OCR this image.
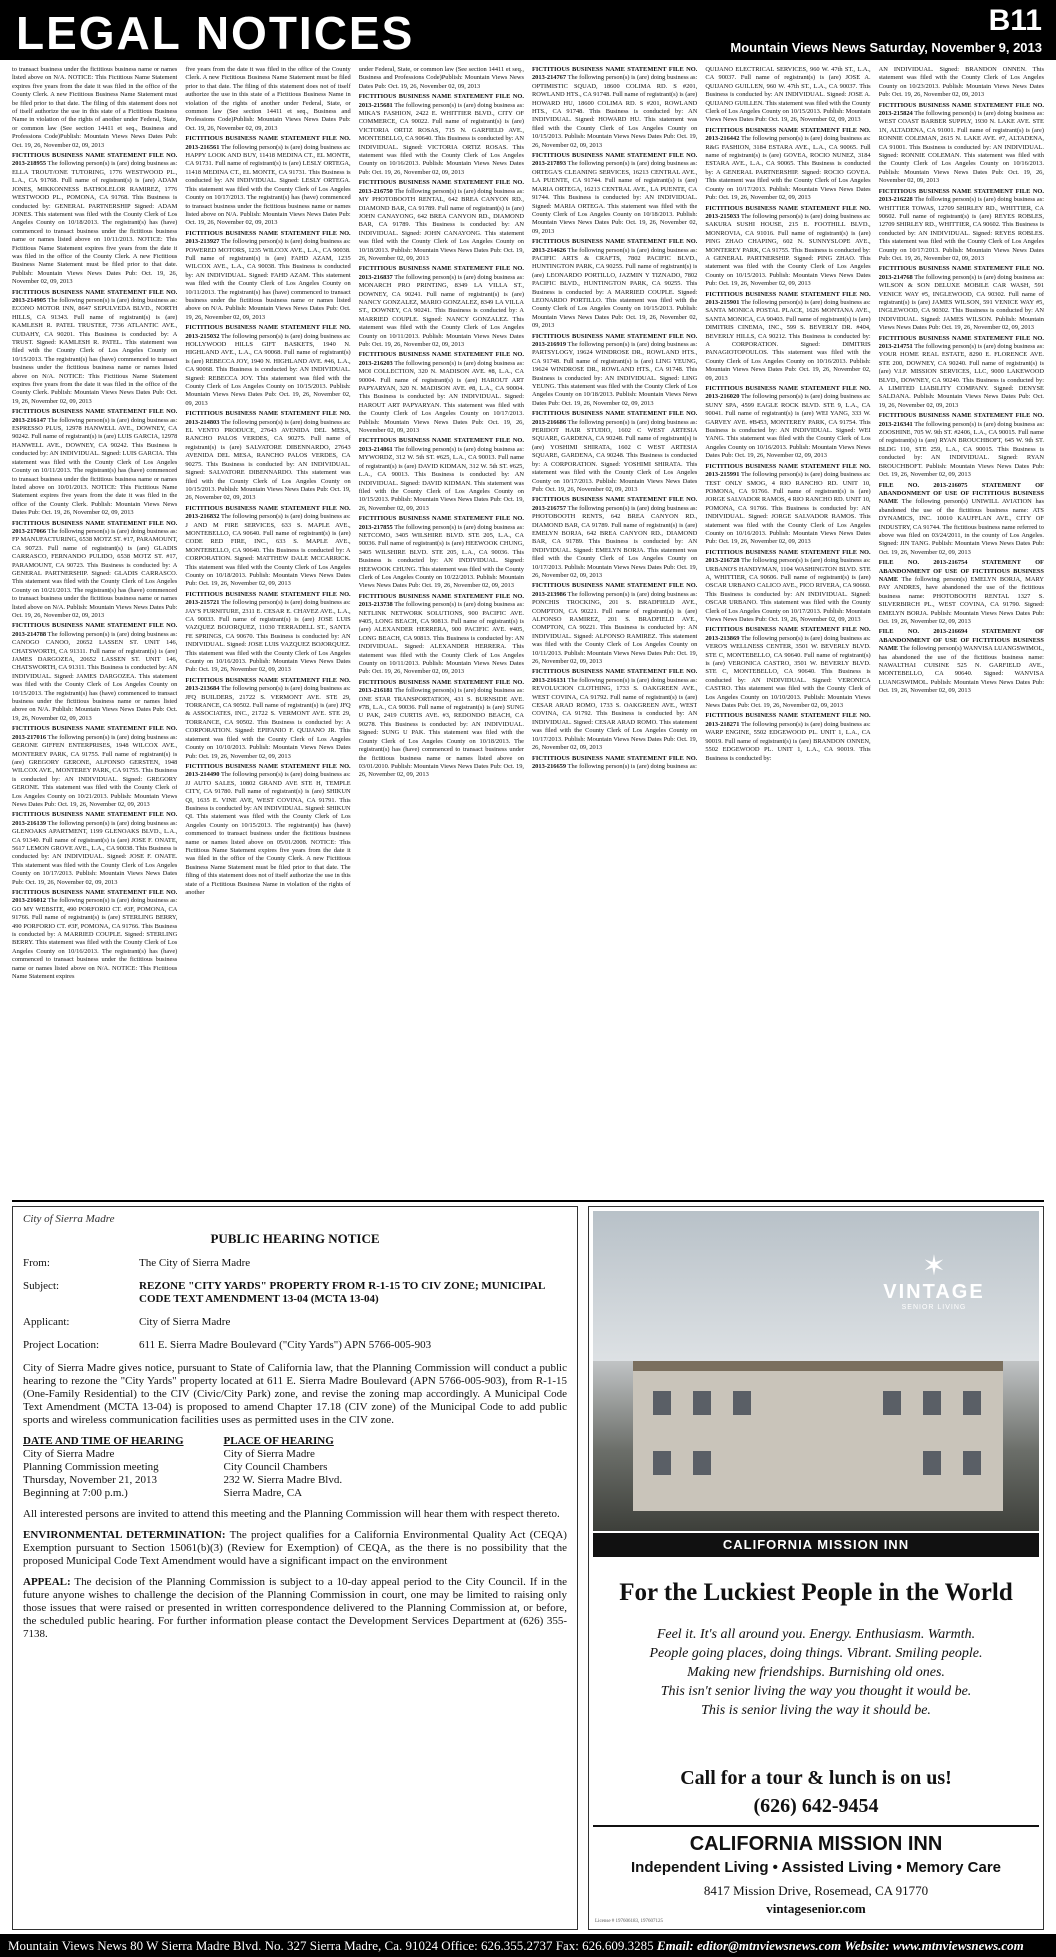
LEGAL NOTICES	B11
Mountain Views News Saturday, November 9, 2013

to transact business under the fictitious business name or names listed above on N/A. NOTICE: This Fictitious Name Statement expires five years from the date it was filed in the office of the County Clerk. A new Fictitious Business Name Statement must be filed prior to that date. The filing of this statement does not of itself authorize the use in this state of a Fictitious Business Name in violation of the rights of another under Federal, State, or common law (See section 14411 et seq., Business and Professions Code)Publish: Mountain Views News Dates Pub: Oct. 19, 26, November 02, 09, 2013

FICTITIOUS BUSINESS NAME STATEMENT FILE NO. 2013-218955 The following person(s) is (are) doing business as: ELLA TROUT/ONE TUTORING, 1776 WESTWOOD PL., L.A., CA 91768. Full name of registrant(s) is (are) ADAM JONES, MIKKONNESS BATHOLELOR RAMIREZ, 1776 WESTWOOD PL., POMONA, CA 91768. This Business is conducted by: GENERAL PARTNERSHIP Signed: ADAM JONES. This statement was filed with the County Clerk of Los Angeles County on 10/18/2013. The registrant(s) has (have) commenced to transact business under the fictitious business name or names listed above on 10/11/2013. NOTICE: This Fictitious Name Statement expires five years from the date it was filed in the office of the County Clerk. A new Fictitious Business Name Statement must be filed prior to that date. Publish: Mountain Views News Dates Pub: Oct. 19, 26, November 02, 09, 2013

FICTITIOUS BUSINESS NAME STATEMENT FILE NO. 2013-214905 The following person(s) is (are) doing business as: ECONO MOTOR INN, 8647 SEPULVEDA BLVD., NORTH HILLS, CA 91343. Full name of registrant(s) is (are) KAMLESH R. PATEL TRUSTEE, 7736 ATLANTIC AVE., CUDAHY, CA 90201. This Business is conducted by: A TRUST. Signed: KAMLESH R. PATEL. This statement was filed with the County Clerk of Los Angeles County on 10/15/2013. The registrant(s) has (have) commenced to transact business under the fictitious business name or names listed above on N/A. NOTICE: This Fictitious Name Statement expires five years from the date it was filed in the office of the County Clerk. Publish: Mountain Views News Dates Pub: Oct. 19, 26, November 02, 09, 2013

FICTITIOUS BUSINESS NAME STATEMENT FILE NO. 2013-216147 The following person(s) is (are) doing business as: ESPRESSO PLUS, 12978 HANWELL AVE., DOWNEY, CA 90242. Full name of registrant(s) is (are) LUIS GARCIA, 12978 HANWELL AVE., DOWNEY, CA 90242. This Business is conducted by: AN INDIVIDUAL. Signed: LUIS GARCIA. This statement was filed with the County Clerk of Los Angeles County on 10/11/2013. The registrant(s) has (have) commenced to transact business under the fictitious business name or names listed above on 10/01/2013. NOTICE: This Fictitious Name Statement expires five years from the date it was filed in the office of the County Clerk. Publish: Mountain Views News Dates Pub: Oct. 19, 26, November 02, 09, 2013

FICTITIOUS BUSINESS NAME STATEMENT FILE NO. 2013-217066 The following person(s) is (are) doing business as: FP MANUFACTURING, 6538 MOTZ ST. #17, PARAMOUNT, CA 90723. Full name of registrant(s) is (are) GLADIS CARRASCO, FERNANDO PULIDO, 6538 MOTZ ST. #17, PARAMOUNT, CA 90723. This Business is conducted by: A GENERAL PARTNERSHIP. Signed: GLADIS CARRASCO. This statement was filed with the County Clerk of Los Angeles County on 10/21/2013. The registrant(s) has (have) commenced to transact business under the fictitious business name or names listed above on N/A. Publish: Mountain Views News Dates Pub: Oct. 19, 26, November 02, 09, 2013

FICTITIOUS BUSINESS NAME STATEMENT FILE NO. 2013-214788 The following person(s) is (are) doing business as: CANOGO CANOO, 20652 LASSEN ST. UNIT 146, CHATSWORTH, CA 91311. Full name of registrant(s) is (are) JAMES DARGOZEA, 20652 LASSEN ST. UNIT 146, CHATSWORTH, CA 91311. This Business is conducted by: AN INDIVIDUAL. Signed: JAMES DARGOZEA. This statement was filed with the County Clerk of Los Angeles County on 10/15/2013. The registrant(s) has (have) commenced to transact business under the fictitious business name or names listed above on N/A. Publish: Mountain Views News Dates Pub: Oct. 19, 26, November 02, 09, 2013

FICTITIOUS BUSINESS NAME STATEMENT FILE NO. 2013-217016 The following person(s) is (are) doing business as: GERONE GIFFEN ENTERPRISES, 1948 WILCOX AVE., MONTEREY PARK, CA 91755. Full name of registrant(s) is (are) GREGORY GERONE, ALFONSO GERSTEN, 1948 WILCOX AVE., MONTEREY PARK, CA 91755. This Business is conducted by: AN INDIVIDUAL. Signed: GREGORY GERONE. This statement was filed with the County Clerk of Los Angeles County on 10/21/2013. Publish: Mountain Views News Dates Pub: Oct. 19, 26, November 02, 09, 2013

FICTITIOUS BUSINESS NAME STATEMENT FILE NO. 2013-216139 The following person(s) is (are) doing business as: GLENOAKS APARTMENT, 1199 GLENOAKS BLVD., L.A., CA 91340. Full name of registrant(s) is (are) JOSE F. ONATE, 5617 LEMON GROVE AVE., L.A., CA 90038. This Business is conducted by: AN INDIVIDUAL. Signed: JOSE F. ONATE. This statement was filed with the County Clerk of Los Angeles County on 10/17/2013. Publish: Mountain Views News Dates Pub: Oct. 19, 26, November 02, 09, 2013

FICTITIOUS BUSINESS NAME STATEMENT FILE NO. 2013-216012 The following person(s) is (are) doing business as: GO MY WEBSITE, 490 PORFORIO CT. #3F, POMONA, CA 91766. Full name of registrant(s) is (are) STERLING BERRY, 490 PORFORIO CT. #3F, POMONA, CA 91766. This Business is conducted by: A MARRIED COUPLE. Signed: STERLING BERRY. This statement was filed with the County Clerk of Los Angeles County on 10/16/2013. The registrant(s) has (have) commenced to transact business under the fictitious business name or names listed above on N/A. NOTICE: This Fictitious Name Statement expires

five years from the date it was filed in the office of the County Clerk. A new Fictitious Business Name Statement must be filed prior to that date. The filing of this statement does not of itself authorize the use in this state of a Fictitious Business Name in violation of the rights of another under Federal, State, or common law (See section 14411 et seq., Business and Professions Code)Publish: Mountain Views News Dates Pub: Oct. 19, 26, November 02, 09, 2013

FICTITIOUS BUSINESS NAME STATEMENT FILE NO. 2013-216561 The following person(s) is (are) doing business as: HAPPY LOOK AND BUY, 11418 MEDINA CT., EL MONTE, CA 91731. Full name of registrant(s) is (are) LESLY ORTEGA, 11418 MEDINA CT., EL MONTE, CA 91731. This Business is conducted by: AN INDIVIDUAL. Signed: LESLY ORTEGA. This statement was filed with the County Clerk of Los Angeles County on 10/17/2013. The registrant(s) has (have) commenced to transact business under the fictitious business name or names listed above on N/A. Publish: Mountain Views News Dates Pub: Oct. 19, 26, November 02, 09, 2013

FICTITIOUS BUSINESS NAME STATEMENT FILE NO. 2013-213927 The following person(s) is (are) doing business as: POWERED MOTORS, 1235 WILCOX AVE., L.A., CA 90038. Full name of registrant(s) is (are) FAHD AZAM, 1235 WILCOX AVE., L.A., CA 90038. This Business is conducted by: AN INDIVIDUAL. Signed: FAHD AZAM. This statement was filed with the County Clerk of Los Angeles County on 10/11/2013. The registrant(s) has (have) commenced to transact business under the fictitious business name or names listed above on N/A. Publish: Mountain Views News Dates Pub: Oct. 19, 26, November 02, 09, 2013

FICTITIOUS BUSINESS NAME STATEMENT FILE NO. 2013-215032 The following person(s) is (are) doing business as: HOLLYWOOD HILLS GIFT BASKETS, 1940 N. HIGHLAND AVE., L.A., CA 90068. Full name of registrant(s) is (are) REBECCA JOY, 1940 N. HIGHLAND AVE. #46, L.A., CA 90068. This Business is conducted by: AN INDIVIDUAL. Signed: REBECCA JOY. This statement was filed with the County Clerk of Los Angeles County on 10/15/2013. Publish: Mountain Views News Dates Pub: Oct. 19, 26, November 02, 09, 2013

FICTITIOUS BUSINESS NAME STATEMENT FILE NO. 2013-214803 The following person(s) is (are) doing business as: EL VENTO PRODUCE, 27643 AVENIDA DEL MESA, RANCHO PALOS VERDES, CA 90275. Full name of registrant(s) is (are) SALVATORE DIBENNARDO, 27643 AVENIDA DEL MESA, RANCHO PALOS VERDES, CA 90275. This Business is conducted by: AN INDIVIDUAL. Signed: SALVATORE DIBENNARDO. This statement was filed with the County Clerk of Los Angeles County on 10/15/2013. Publish: Mountain Views News Dates Pub: Oct. 19, 26, November 02, 09, 2013

FICTITIOUS BUSINESS NAME STATEMENT FILE NO. 2013-216832 The following person(s) is (are) doing business as: J AND M FIRE SERVICES, 633 S. MAPLE AVE., MONTEBELLO, CA 90640. Full name of registrant(s) is (are) CODE RED FIRE, INC., 633 S. MAPLE AVE., MONTEBELLO, CA 90640. This Business is conducted by: A CORPORATION. Signed: MATTHEW DALE MCCARRICK. This statement was filed with the County Clerk of Los Angeles County on 10/18/2013. Publish: Mountain Views News Dates Pub: Oct. 19, 26, November 02, 09, 2013

FICTITIOUS BUSINESS NAME STATEMENT FILE NO. 2013-215721 The following person(s) is (are) doing business as: JAY'S FURNITURE, 2311 E. CESAR E. CHAVEZ AVE., L.A., CA 90033. Full name of registrant(s) is (are) JOSE LUIS VAZQUEZ BOJORQUEZ, 11030 TERRADELL ST., SANTA FE SPRINGS, CA 90670. This Business is conducted by: AN INDIVIDUAL. Signed: JOSE LUIS VAZQUEZ BOJORQUEZ. This statement was filed with the County Clerk of Los Angeles County on 10/16/2013. Publish: Mountain Views News Dates Pub: Oct. 19, 26, November 02, 09, 2013

FICTITIOUS BUSINESS NAME STATEMENT FILE NO. 2013-213684 The following person(s) is (are) doing business as: JFQ BUILDERS, 21722 S. VERMONT AVE. STE 29, TORRANCE, CA 90502. Full name of registrant(s) is (are) JFQ & ASSOCIATES, INC., 21722 S. VERMONT AVE. STE 29, TORRANCE, CA 90502. This Business is conducted by: A CORPORATION. Signed: EPIFANIO F. QUIJANO JR. This statement was filed with the County Clerk of Los Angeles County on 10/10/2013. Publish: Mountain Views News Dates Pub: Oct. 19, 26, November 02, 09, 2013

FICTITIOUS BUSINESS NAME STATEMENT FILE NO. 2013-214490 The following person(s) is (are) doing business as: JJ AUTO SALES, 10802 GRAND AVE STE H, TEMPLE CITY, CA 91780. Full name of registrant(s) is (are) SHIKUN QI, 1635 E. VINE AVE, WEST COVINA, CA 91791. This Business is conducted by: AN INDIVIDUAL. Signed: SHIKUN QI. This statement was filed with the County Clerk of Los Angeles County on 10/15/2013. The registrant(s) has (have) commenced to transact business under the fictitious business name or names listed above on 05/01/2008. NOTICE: This Fictitious Name Statement expires five years from the date it was filed in the office of the County Clerk. A new Fictitious Business Name Statement must be filed prior to that date. The filing of this statement does not of itself authorize the use in this state of a Fictitious Business Name in violation of the rights of another

under Federal, State, or common law (See section 14411 et seq., Business and Professions Code)Publish: Mountain Views News Dates Pub: Oct. 19, 26, November 02, 09, 2013

FICTITIOUS BUSINESS NAME STATEMENT FILE NO. 2013-215681 The following person(s) is (are) doing business as: MIKA'S FASHION, 2422 E. WHITTIER BLVD., CITY OF COMMERCE, CA 90022. Full name of registrant(s) is (are) VICTORIA ORTIZ ROSAS, 715 N. GARFIELD AVE., MONTEBELLO, CA 90640. This Business is conducted by: AN INDIVIDUAL. Signed: VICTORIA ORTIZ ROSAS. This statement was filed with the County Clerk of Los Angeles County on 10/16/2013. Publish: Mountain Views News Dates Pub: Oct. 19, 26, November 02, 09, 2013

FICTITIOUS BUSINESS NAME STATEMENT FILE NO. 2013-216750 The following person(s) is (are) doing business as: MY PHOTOBOOTH RENTAL, 642 BREA CANYON RD., DIAMOND BAR, CA 91789. Full name of registrant(s) is (are) JOHN CANAYONG, 642 BREA CANYON RD., DIAMOND BAR, CA 91789. This Business is conducted by: AN INDIVIDUAL. Signed: JOHN CANAYONG. This statement was filed with the County Clerk of Los Angeles County on 10/18/2013. Publish: Mountain Views News Dates Pub: Oct. 19, 26, November 02, 09, 2013

FICTITIOUS BUSINESS NAME STATEMENT FILE NO. 2013-216837 The following person(s) is (are) doing business as: MONARCH PRO PRINTING, 8349 LA VILLA ST., DOWNEY, CA 90241. Full name of registrant(s) is (are) NANCY GONZALEZ, MARIO GONZALEZ, 8349 LA VILLA ST., DOWNEY, CA 90241. This Business is conducted by: A MARRIED COUPLE. Signed: NANCY GONZALEZ. This statement was filed with the County Clerk of Los Angeles County on 10/11/2013. Publish: Mountain Views News Dates Pub: Oct. 19, 26, November 02, 09, 2013

FICTITIOUS BUSINESS NAME STATEMENT FILE NO. 2013-216203 The following person(s) is (are) doing business as: MOI COLLECTION, 320 N. MADISON AVE. #8, L.A., CA 90004. Full name of registrant(s) is (are) HAROUT ART PAPYARYAN, 320 N. MADISON AVE. #8, L.A., CA 90004. This Business is conducted by: AN INDIVIDUAL. Signed: HAROUT ART PAPYARYAN. This statement was filed with the County Clerk of Los Angeles County on 10/17/2013. Publish: Mountain Views News Dates Pub: Oct. 19, 26, November 02, 09, 2013

FICTITIOUS BUSINESS NAME STATEMENT FILE NO. 2013-214861 The following person(s) is (are) doing business as: MYWORDZ, 312 W. 5th ST. #625, L.A., CA 90013. Full name of registrant(s) is (are) DAVID KIDMAN, 312 W. 5th ST. #625, L.A., CA 90013. This Business is conducted by: AN INDIVIDUAL. Signed: DAVID KIDMAN. This statement was filed with the County Clerk of Los Angeles County on 10/15/2013. Publish: Mountain Views News Dates Pub: Oct. 19, 26, November 02, 09, 2013

FICTITIOUS BUSINESS NAME STATEMENT FILE NO. 2013-217855 The following person(s) is (are) doing business as: NETCOMO, 3405 WILSHIRE BLVD. STE 205, L.A., CA 90036. Full name of registrant(s) is (are) HEEWOOK CHUNG, 3405 WILSHIRE BLVD. STE 205, L.A., CA 90036. This Business is conducted by: AN INDIVIDUAL. Signed: HEEWOOK CHUNG. This statement was filed with the County Clerk of Los Angeles County on 10/22/2013. Publish: Mountain Views News Dates Pub: Oct. 19, 26, November 02, 09, 2013

FICTITIOUS BUSINESS NAME STATEMENT FILE NO. 2013-213738 The following person(s) is (are) doing business as: NETLINK NETWORK SOLUTIONS, 900 PACIFIC AVE. #405, LONG BEACH, CA 90813. Full name of registrant(s) is (are) ALEXANDER HERRERA, 900 PACIFIC AVE. #405, LONG BEACH, CA 90813. This Business is conducted by: AN INDIVIDUAL. Signed: ALEXANDER HERRERA. This statement was filed with the County Clerk of Los Angeles County on 10/11/2013. Publish: Mountain Views News Dates Pub: Oct. 19, 26, November 02, 09, 2013

FICTITIOUS BUSINESS NAME STATEMENT FILE NO. 2013-216181 The following person(s) is (are) doing business as: ONE STAR TRANSPORTATION, 431 S. BURNSIDE AVE. #7B, L.A., CA 90036. Full name of registrant(s) is (are) SUNG U PAK, 2419 CURTIS AVE. #3, REDONDO BEACH, CA 90278. This Business is conducted by: AN INDIVIDUAL. Signed: SUNG U PAK. This statement was filed with the County Clerk of Los Angeles County on 10/18/2013. The registrant(s) has (have) commenced to transact business under the fictitious business name or names listed above on 03/01/2010. Publish: Mountain Views News Dates Pub: Oct. 19, 26, November 02, 09, 2013

FICTITIOUS BUSINESS NAME STATEMENT FILE NO. 2013-214767 The following person(s) is (are) doing business as: OPTIMISTIC SQUAD, 18600 COLIMA RD. S #201, ROWLAND HTS., CA 91748. Full name of registrant(s) is (are) HOWARD HU, 18600 COLIMA RD. S #201, ROWLAND HTS., CA 91748. This Business is conducted by: AN INDIVIDUAL. Signed: HOWARD HU. This statement was filed with the County Clerk of Los Angeles County on 10/15/2013. Publish: Mountain Views News Dates Pub: Oct. 19, 26, November 02, 09, 2013

FICTITIOUS BUSINESS NAME STATEMENT FILE NO. 2013-217893 The following person(s) is (are) doing business as: ORTEGA'S CLEANING SERVICES, 16213 CENTRAL AVE., LA PUENTE, CA 91744. Full name of registrant(s) is (are) MARIA ORTEGA, 16213 CENTRAL AVE., LA PUENTE, CA 91744. This Business is conducted by: AN INDIVIDUAL. Signed: MARIA ORTEGA. This statement was filed with the County Clerk of Los Angeles County on 10/18/2013. Publish: Mountain Views News Dates Pub: Oct. 19, 26, November 02, 09, 2013

FICTITIOUS BUSINESS NAME STATEMENT FILE NO. 2013-214626 The following person(s) is (are) doing business as: PACIFIC ARTS & CRAFTS, 7802 PACIFIC BLVD., HUNTINGTON PARK, CA 90255. Full name of registrant(s) is (are) LEONARDO PORTILLO, JAZMIN Y TIZNADO, 7802 PACIFIC BLVD., HUNTINGTON PARK, CA 90255. This Business is conducted by: A MARRIED COUPLE. Signed: LEONARDO PORTILLO. This statement was filed with the County Clerk of Los Angeles County on 10/15/2013. Publish: Mountain Views News Dates Pub: Oct. 19, 26, November 02, 09, 2013

FICTITIOUS BUSINESS NAME STATEMENT FILE NO. 2013-216919 The following person(s) is (are) doing business as: PARTSYLOGY, 19624 WINDROSE DR., ROWLAND HTS., CA 91748. Full name of registrant(s) is (are) LING YEUNG, 19624 WINDROSE DR., ROWLAND HTS., CA 91748. This Business is conducted by: AN INDIVIDUAL. Signed: LING YEUNG. This statement was filed with the County Clerk of Los Angeles County on 10/18/2013. Publish: Mountain Views News Dates Pub: Oct. 19, 26, November 02, 09, 2013

FICTITIOUS BUSINESS NAME STATEMENT FILE NO. 2013-216686 The following person(s) is (are) doing business as: PERIDOT HAIR STUDIO, 1602 C WEST ARTESIA SQUARE, GARDENA, CA 90248. Full name of registrant(s) is (are) YOSHIMI SHIRATA, 1602 C WEST ARTESIA SQUARE, GARDENA, CA 90248. This Business is conducted by: A CORPORATION. Signed: YOSHIMI SHIRATA. This statement was filed with the County Clerk of Los Angeles County on 10/17/2013. Publish: Mountain Views News Dates Pub: Oct. 19, 26, November 02, 09, 2013

FICTITIOUS BUSINESS NAME STATEMENT FILE NO. 2013-216757 The following person(s) is (are) doing business as: PHOTOBOOTH RENTS, 642 BREA CANYON RD., DIAMOND BAR, CA 91789. Full name of registrant(s) is (are) EMELYN BORJA, 642 BREA CANYON RD., DIAMOND BAR, CA 91789. This Business is conducted by: AN INDIVIDUAL. Signed: EMELYN BORJA. This statement was filed with the County Clerk of Los Angeles County on 10/17/2013. Publish: Mountain Views News Dates Pub: Oct. 19, 26, November 02, 09, 2013

FICTITIOUS BUSINESS NAME STATEMENT FILE NO. 2013-213986 The following person(s) is (are) doing business as: PONCHIS TROCKING, 201 S. BRADFIELD AVE., COMPTON, CA 90221. Full name of registrant(s) is (are) ALFONSO RAMIREZ, 201 S. BRADFIELD AVE., COMPTON, CA 90221. This Business is conducted by: AN INDIVIDUAL. Signed: ALFONSO RAMIREZ. This statement was filed with the County Clerk of Los Angeles County on 10/11/2013. Publish: Mountain Views News Dates Pub: Oct. 19, 26, November 02, 09, 2013

FICTITIOUS BUSINESS NAME STATEMENT FILE NO. 2013-216131 The following person(s) is (are) doing business as: REVOLUCION CLOTHING, 1733 S. OAKGREEN AVE., WEST COVINA, CA 91792. Full name of registrant(s) is (are) CESAR ARAD ROMO, 1733 S. OAKGREEN AVE., WEST COVINA, CA 91792. This Business is conducted by: AN INDIVIDUAL. Signed: CESAR ARAD ROMO. This statement was filed with the County Clerk of Los Angeles County on 10/17/2013. Publish: Mountain Views News Dates Pub: Oct. 19, 26, November 02, 09, 2013

FICTITIOUS BUSINESS NAME STATEMENT FILE NO. 2013-216659 The following person(s) is (are) doing business as:

QUIJANO ELECTRICAL SERVICES, 960 W. 47th ST., L.A., CA 90037. Full name of registrant(s) is (are) JOSE A. QUIJANO GUILLEN, 960 W. 47th ST., L.A., CA 90037. This Business is conducted by: AN INDIVIDUAL. Signed: JOSE A. QUIJANO GUILLEN. This statement was filed with the County Clerk of Los Angeles County on 10/15/2013. Publish: Mountain Views News Dates Pub: Oct. 19, 26, November 02, 09, 2013

FICTITIOUS BUSINESS NAME STATEMENT FILE NO. 2013-216442 The following person(s) is (are) doing business as: R&G FASHION, 3184 ESTARA AVE., L.A., CA 90065. Full name of registrant(s) is (are) GOVEA, ROCIO NUNEZ, 3184 ESTARA AVE., L.A., CA 90065. This Business is conducted by: A GENERAL PARTNERSHIP. Signed: ROCIO GOVEA. This statement was filed with the County Clerk of Los Angeles County on 10/17/2013. Publish: Mountain Views News Dates Pub: Oct. 19, 26, November 02, 09, 2013

FICTITIOUS BUSINESS NAME STATEMENT FILE NO. 2013-215033 The following person(s) is (are) doing business as: SAKURA SUSHI HOUSE, 215 E. FOOTHILL BLVD., MONROVIA, CA 91016. Full name of registrant(s) is (are) PING ZHAO CHAPING, 602 N. SUNNYSLOPE AVE., MONTEREY PARK, CA 91755. This Business is conducted by: A GENERAL PARTNERSHIP. Signed: PING ZHAO. This statement was filed with the County Clerk of Los Angeles County on 10/15/2013. Publish: Mountain Views News Dates Pub: Oct. 19, 26, November 02, 09, 2013

FICTITIOUS BUSINESS NAME STATEMENT FILE NO. 2013-215901 The following person(s) is (are) doing business as: SANTA MONICA POSTAL PLACE, 1626 MONTANA AVE., SANTA MONICA, CA 90403. Full name of registrant(s) is (are) DIMITRIS CINEMA, INC., 599 S. BEVERLY DR. #404, BEVERLY HILLS, CA 90212. This Business is conducted by: A CORPORATION. Signed: DIMITRIS PANAGIOTOPOULOS. This statement was filed with the County Clerk of Los Angeles County on 10/16/2013. Publish: Mountain Views News Dates Pub: Oct. 19, 26, November 02, 09, 2013

FICTITIOUS BUSINESS NAME STATEMENT FILE NO. 2013-216020 The following person(s) is (are) doing business as: SUNY SPA, 4599 EAGLE ROCK BLVD. STE 9, L.A., CA 90041. Full name of registrant(s) is (are) WEI YANG, 333 W. GARVEY AVE. #B453, MONTEREY PARK, CA 91754. This Business is conducted by: AN INDIVIDUAL. Signed: WEI YANG. This statement was filed with the County Clerk of Los Angeles County on 10/16/2013. Publish: Mountain Views News Dates Pub: Oct. 19, 26, November 02, 09, 2013

FICTITIOUS BUSINESS NAME STATEMENT FILE NO. 2013-215991 The following person(s) is (are) doing business as: TEST ONLY SMOG, 4 RIO RANCHO RD. UNIT 10, POMONA, CA 91766. Full name of registrant(s) is (are) JORGE SALVADOR RAMOS, 4 RIO RANCHO RD. UNIT 10, POMONA, CA 91766. This Business is conducted by: AN INDIVIDUAL. Signed: JORGE SALVADOR RAMOS. This statement was filed with the County Clerk of Los Angeles County on 10/16/2013. Publish: Mountain Views News Dates Pub: Oct. 19, 26, November 02, 09, 2013

FICTITIOUS BUSINESS NAME STATEMENT FILE NO. 2013-216728 The following person(s) is (are) doing business as: URBANO'S HANDYMAN, 1104 WASHINGTON BLVD. STE A, WHITTIER, CA 90606. Full name of registrant(s) is (are) OSCAR URBANO CALICO AVE., PICO RIVERA, CA 90660. This Business is conducted by: AN INDIVIDUAL. Signed: OSCAR URBANO. This statement was filed with the County Clerk of Los Angeles County on 10/17/2013. Publish: Mountain Views News Dates Pub: Oct. 19, 26, November 02, 09, 2013

FICTITIOUS BUSINESS NAME STATEMENT FILE NO. 2013-213869 The following person(s) is (are) doing business as: VERO'S WELLNESS CENTER, 3501 W. BEVERLY BLVD. STE C, MONTEBELLO, CA 90640. Full name of registrant(s) is (are) VERONICA CASTRO, 3501 W. BEVERLY BLVD. STE C, MONTEBELLO, CA 90640. This Business is conducted by: AN INDIVIDUAL. Signed: VERONICA CASTRO. This statement was filed with the County Clerk of Los Angeles County on 10/10/2013. Publish: Mountain Views News Dates Pub: Oct. 19, 26, November 02, 09, 2013

FICTITIOUS BUSINESS NAME STATEMENT FILE NO. 2013-218271 The following person(s) is (are) doing business as: WARP ENGINE, 5502 EDGEWOOD PL. UNIT 1, L.A., CA 90019. Full name of registrant(s) is (are) BRANDON ONNEN, 5502 EDGEWOOD PL. UNIT 1, L.A., CA 90019. This Business is conducted by:

AN INDIVIDUAL. Signed: BRANDON ONNEN. This statement was filed with the County Clerk of Los Angeles County on 10/23/2013. Publish: Mountain Views News Dates Pub: Oct. 19, 26, November 02, 09, 2013

FICTITIOUS BUSINESS NAME STATEMENT FILE NO. 2013-215824 The following person(s) is (are) doing business as: WEST COAST BARBER SUPPLY, 1930 N. LAKE AVE. STE 1N, ALTADENA, CA 91001. Full name of registrant(s) is (are) RONNIE COLEMAN, 2615 N. LAKE AVE. #7, ALTADENA, CA 91001. This Business is conducted by: AN INDIVIDUAL. Signed: RONNIE COLEMAN. This statement was filed with the County Clerk of Los Angeles County on 10/16/2013. Publish: Mountain Views News Dates Pub: Oct. 19, 26, November 02, 09, 2013

FICTITIOUS BUSINESS NAME STATEMENT FILE NO. 2013-216228 The following person(s) is (are) doing business as: WHITTIER TOWAS, 12709 SHIRLEY RD., WHITTIER, CA 90602. Full name of registrant(s) is (are) REYES ROBLES, 12709 SHIRLEY RD., WHITTIER, CA 90602. This Business is conducted by: AN INDIVIDUAL. Signed: REYES ROBLES. This statement was filed with the County Clerk of Los Angeles County on 10/17/2013. Publish: Mountain Views News Dates Pub: Oct. 19, 26, November 02, 09, 2013

FICTITIOUS BUSINESS NAME STATEMENT FILE NO. 2013-214768 The following person(s) is (are) doing business as: WILSON & SON DELUXE MOBILE CAR WASH, 591 VENICE WAY #5, INGLEWOOD, CA 90302. Full name of registrant(s) is (are) JAMES WILSON, 591 VENICE WAY #5, INGLEWOOD, CA 90302. This Business is conducted by: AN INDIVIDUAL. Signed: JAMES WILSON. Publish: Mountain Views News Dates Pub: Oct. 19, 26, November 02, 09, 2013

FICTITIOUS BUSINESS NAME STATEMENT FILE NO. 2013-214751 The following person(s) is (are) doing business as: YOUR HOME REAL ESTATE, 8290 E. FLORENCE AVE. STE 200, DOWNEY, CA 90240. Full name of registrant(s) is (are) V.I.P. MISSION SERVICES, LLC, 9000 LAKEWOOD BLVD., DOWNEY, CA 90240. This Business is conducted by: A LIMITED LIABILITY COMPANY. Signed: DENYSE SALDANA. Publish: Mountain Views News Dates Pub: Oct. 19, 26, November 02, 09, 2013

FICTITIOUS BUSINESS NAME STATEMENT FILE NO. 2013-216341 The following person(s) is (are) doing business as: ZOOSHINE, 705 W. 9th ST. #2406, L.A., CA 90015. Full name of registrant(s) is (are) RYAN BROUCHBOFT, 645 W. 9th ST. BLDG 110, STE 259, L.A., CA 90015. This Business is conducted by: AN INDIVIDUAL. Signed: RYAN BROUCHBOFT. Publish: Mountain Views News Dates Pub: Oct. 19, 26, November 02, 09, 2013

FILE NO. 2013-216075 STATEMENT OF ABANDONMENT OF USE OF FICTITIOUS BUSINESS NAME The following person(s) UNIWILL AVIATION has abandoned the use of the fictitious business name: ATS DYNAMICS, INC. 10010 KAUFFLAN AVE., CITY OF INDUSTRY, CA 91744. The fictitious business name referred to above was filed on 03/24/2011, in the county of Los Angeles. Signed: JIN TANG. Publish: Mountain Views News Dates Pub: Oct. 19, 26, November 02, 09, 2013

FILE NO. 2013-216754 STATEMENT OF ABANDONMENT OF USE OF FICTITIOUS BUSINESS NAME The following person(s) EMELYN BORJA, MARY PAY ANDRES, have abandoned the use of the fictitious business name: PHOTOBOOTH RENTAL 1327 S. SILVERBIRCH PL., WEST COVINA, CA 91790. Signed: EMELYN BORJA. Publish: Mountain Views News Dates Pub: Oct. 19, 26, November 02, 09, 2013

FILE NO. 2013-216694 STATEMENT OF ABANDONMENT OF USE OF FICTITIOUS BUSINESS NAME The following person(s) WANVISA LUANGSWIMOL, has abandoned the use of the fictitious business name: NAWALTHAI CUISINE 525 N. GARFIELD AVE., MONTEBELLO, CA 90640. Signed: WANVISA LUANGSWIMOL. Publish: Mountain Views News Dates Pub: Oct. 19, 26, November 02, 09, 2013

City of Sierra Madre
PUBLIC HEARING NOTICE
From:	The City of Sierra Madre
Subject:	REZONE "CITY YARDS" PROPERTY FROM R-1-15 TO CIV ZONE; MUNICIPAL CODE TEXT AMENDMENT 13-04 (MCTA 13-04)
Applicant:	City of Sierra Madre
Project Location:	611 E. Sierra Madre Boulevard ("City Yards") APN 5766-005-903

City of Sierra Madre gives notice, pursuant to State of California law, that the Planning Commission will conduct a public hearing to rezone the "City Yards" property located at 611 E. Sierra Madre Boulevard (APN 5766-005-903), from R-1-15 (One-Family Residential) to the CIV (Civic/City Park) zone, and revise the zoning map accordingly. A Municipal Code Text Amendment (MCTA 13-04) is proposed to amend Chapter 17.18 (CIV zone) of the Municipal Code to add public sports and wireless communication facilities uses as permitted uses in the CIV zone.

DATE AND TIME OF HEARING
City of Sierra Madre
Planning Commission meeting
Thursday, November 21, 2013
Beginning at 7:00 p.m.)
PLACE OF HEARING
City of Sierra Madre
City Council Chambers
232 W. Sierra Madre Blvd.
Sierra Madre, CA

All interested persons are invited to attend this meeting and the Planning Commission will hear them with respect thereto.

ENVIRONMENTAL DETERMINATION: The project qualifies for a California Environmental Quality Act (CEQA) Exemption pursuant to Section 15061(b)(3) (Review for Exemption) of CEQA, as the there is no possibility that the proposed Municipal Code Text Amendment would have a significant impact on the environment

APPEAL: The decision of the Planning Commission is subject to a 10-day appeal period to the City Council. If in the future anyone wishes to challenge the decision of the Planning Commission in court, one may be limited to raising only those issues that were raised or presented in written correspondence delivered to the Planning Commission at, or before, the scheduled public hearing. For further information please contact the Development Services Department at (626) 355-7138.

✶
VINTAGE
SENIOR LIVING
CALIFORNIA MISSION INN
For the Luckiest People in the World
Feel it. It's all around you. Energy. Enthusiasm. Warmth.
People going places, doing things. Vibrant. Smiling people.
Making new friendships. Burnishing old ones.
This isn't senior living the way you thought it would be.
This is senior living the way it should be.
Call for a tour & lunch is on us!
(626) 642-9454
CALIFORNIA MISSION INN
Independent Living • Assisted Living • Memory Care
8417 Mission Drive, Rosemead, CA 91770
vintagesenior.com
License # 197606183, 197607125
Mountain Views News 80 W Sierra Madre Blvd. No. 327 Sierra Madre, Ca. 91024 Office: 626.355.2737 Fax: 626.609.3285 Email: editor@mtnviewsnews.com Website: www.mtnviewsnews.com
